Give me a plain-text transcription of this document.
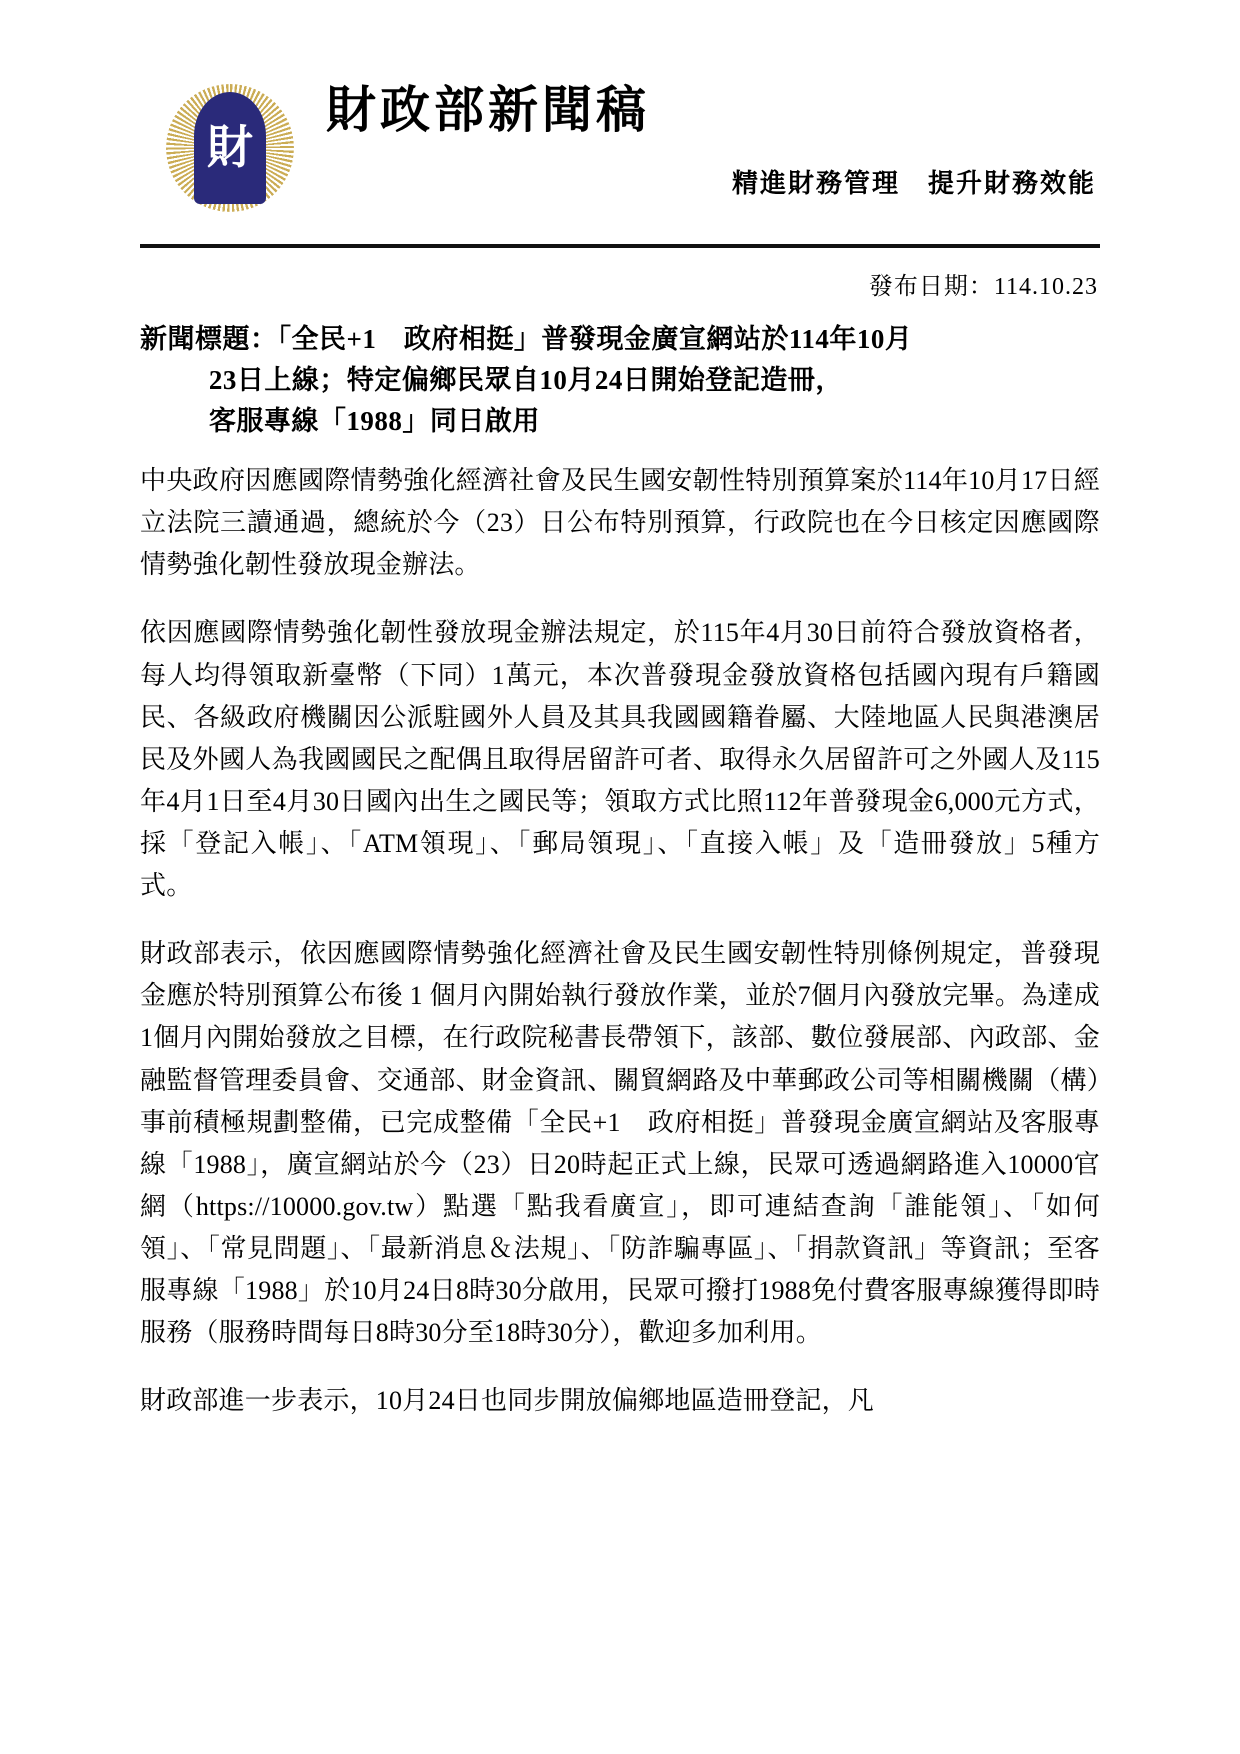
財
財政部新聞稿
精進財務管理　提升財務效能
發布日期：114.10.23
新聞標題：「全民+1　政府相挺」普發現金廣宣網站於114年10月
23日上線；特定偏鄉民眾自10月24日開始登記造冊，
客服專線「1988」同日啟用

中央政府因應國際情勢強化經濟社會及民生國安韌性特別預算案於114年10月17日經立法院三讀通過，總統於今（23）日公布特別預算，行政院也在今日核定因應國際情勢強化韌性發放現金辦法。

依因應國際情勢強化韌性發放現金辦法規定，於115年4月30日前符合發放資格者，每人均得領取新臺幣（下同）1萬元，本次普發現金發放資格包括國內現有戶籍國民、各級政府機關因公派駐國外人員及其具我國國籍眷屬、大陸地區人民與港澳居民及外國人為我國國民之配偶且取得居留許可者、取得永久居留許可之外國人及115年4月1日至4月30日國內出生之國民等；領取方式比照112年普發現金6,000元方式，採「登記入帳」、「ATM領現」、「郵局領現」、「直接入帳」及「造冊發放」5種方式。

財政部表示，依因應國際情勢強化經濟社會及民生國安韌性特別條例規定，普發現金應於特別預算公布後 1 個月內開始執行發放作業，並於7個月內發放完畢。為達成1個月內開始發放之目標，在行政院秘書長帶領下，該部、數位發展部、內政部、金融監督管理委員會、交通部、財金資訊、關貿網路及中華郵政公司等相關機關（構）事前積極規劃整備，已完成整備「全民+1　政府相挺」普發現金廣宣網站及客服專線「1988」，廣宣網站於今（23）日20時起正式上線，民眾可透過網路進入10000官網（https://10000.gov.tw）點選「點我看廣宣」，即可連結查詢「誰能領」、「如何領」、「常見問題」、「最新消息＆法規」、「防詐騙專區」、「捐款資訊」等資訊；至客服專線「1988」於10月24日8時30分啟用，民眾可撥打1988免付費客服專線獲得即時服務（服務時間每日8時30分至18時30分），歡迎多加利用。

財政部進一步表示，10月24日也同步開放偏鄉地區造冊登記，凡
